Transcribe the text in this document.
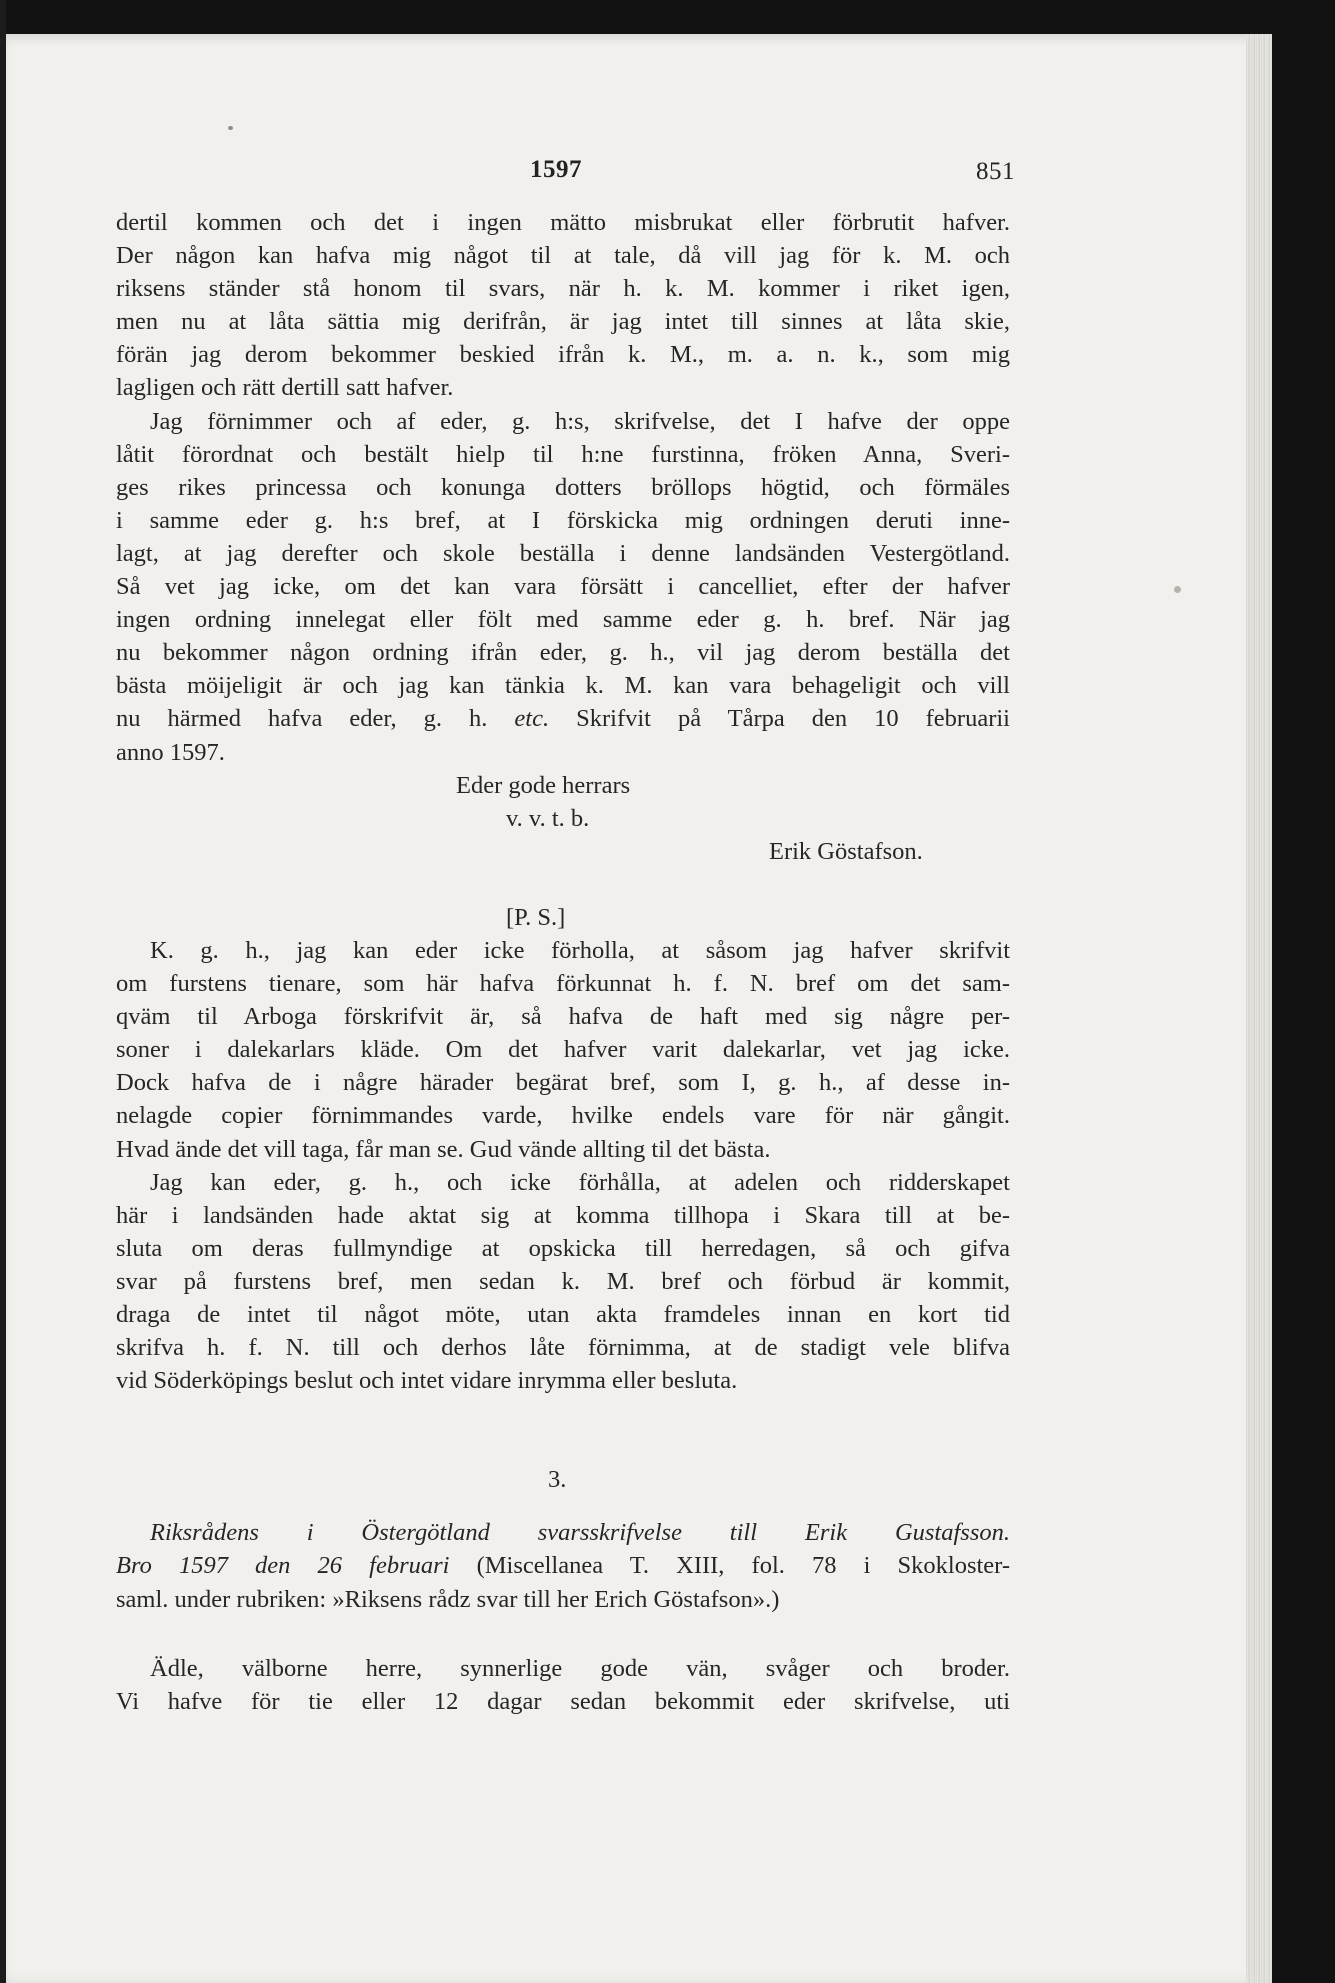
1597	851

dertil kommen och det i ingen mätto misbrukat eller förbrutit hafver.
Der någon kan hafva mig något til at tale, då vill jag för k. M. och
riksens ständer stå honom til svars, när h. k. M. kommer i riket igen,
men nu at låta sättia mig derifrån, är jag intet till sinnes at låta skie,
förän jag derom bekommer beskied ifrån k. M., m. a. n. k., som mig
lagligen och rätt dertill satt hafver.

Jag förnimmer och af eder, g. h:s, skrifvelse, det I hafve der oppe
låtit förordnat och bestält hielp til h:ne furstinna, fröken Anna, Sveri-
ges rikes princessa och konunga dotters bröllops högtid, och förmäles
i samme eder g. h:s bref, at I förskicka mig ordningen deruti inne-
lagt, at jag derefter och skole beställa i denne landsänden Vestergötland.
Så vet jag icke, om det kan vara försätt i cancelliet, efter der hafver
ingen ordning innelegat eller fölt med samme eder g. h. bref. När jag
nu bekommer någon ordning ifrån eder, g. h., vil jag derom beställa det
bästa möijeligit är och jag kan tänkia k. M. kan vara behageligit och vill
nu härmed hafva eder, g. h. etc. Skrifvit på Tårpa den 10 februarii
anno 1597.

Eder gode herrars
v. v. t. b.
Erik Göstafson.
[P. S.]

K. g. h., jag kan eder icke förholla, at såsom jag hafver skrifvit
om furstens tienare, som här hafva förkunnat h. f. N. bref om det sam-
qväm til Arboga förskrifvit är, så hafva de haft med sig någre per-
soner i dalekarlars kläde. Om det hafver varit dalekarlar, vet jag icke.
Dock hafva de i någre härader begärat bref, som I, g. h., af desse in-
nelagde copier förnimmandes varde, hvilke endels vare för när gångit.
Hvad ände det vill taga, får man se. Gud vände allting til det bästa.

Jag kan eder, g. h., och icke förhålla, at adelen och ridderskapet
här i landsänden hade aktat sig at komma tillhopa i Skara till at be-
sluta om deras fullmyndige at opskicka till herredagen, så och gifva
svar på furstens bref, men sedan k. M. bref och förbud är kommit,
draga de intet til något möte, utan akta framdeles innan en kort tid
skrifva h. f. N. till och derhos låte förnimma, at de stadigt vele blifva
vid Söderköpings beslut och intet vidare inrymma eller besluta.

3.

Riksrådens i Östergötland svarsskrifvelse till Erik Gustafsson.
Bro 1597 den 26 februari (Miscellanea T. XIII, fol. 78 i Skokloster-
saml. under rubriken: »Riksens rådz svar till her Erich Göstafson».)

Ädle, välborne herre, synnerlige gode vän, svåger och broder.
Vi hafve för tie eller 12 dagar sedan bekommit eder skrifvelse, uti
